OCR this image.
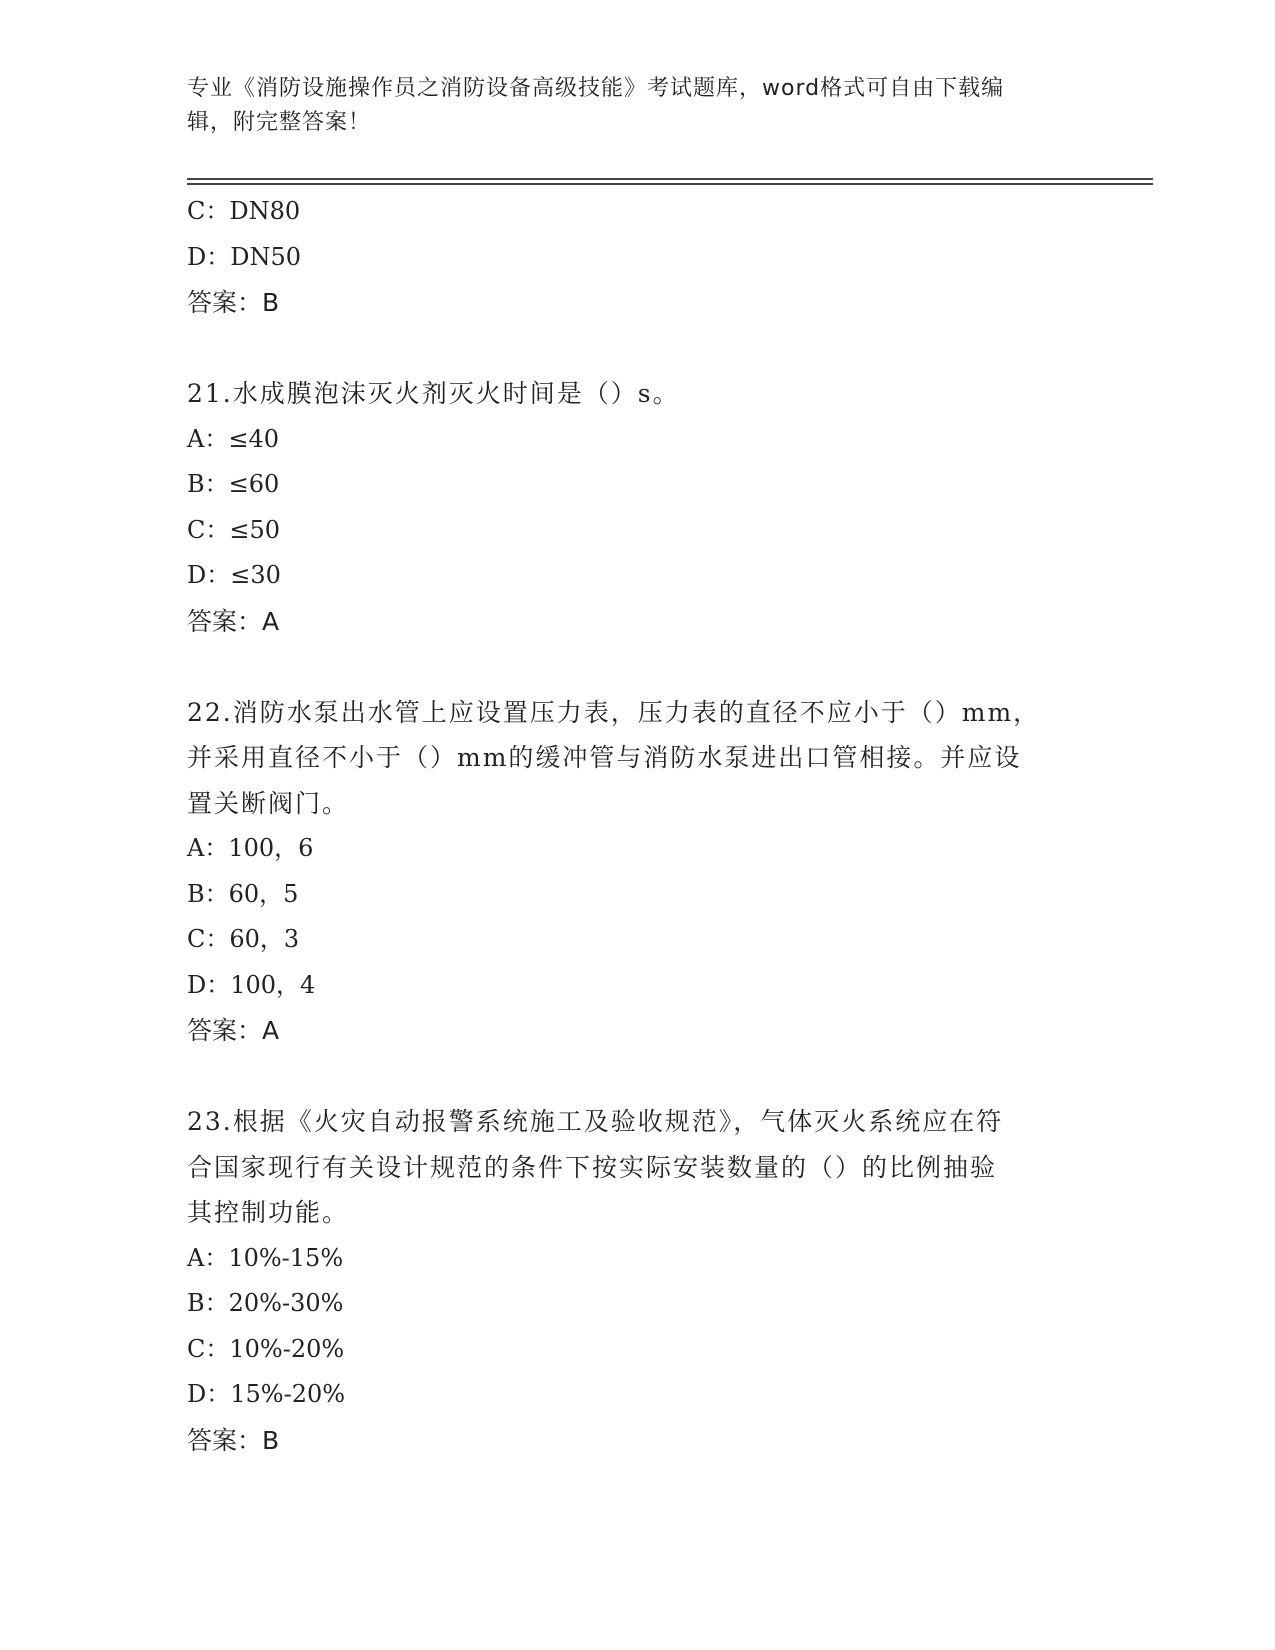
专业《消防设施操作员之消防设备高级技能》考试题库，word格式可自由下载编
辑，附完整答案！
C：DN80
D：DN50
答案：B
21.水成膜泡沫灭火剂灭火时间是（）s。
A：≤40
B：≤60
C：≤50
D：≤30
答案：A
22.消防水泵出水管上应设置压力表，压力表的直径不应小于（）mm，
并采用直径不小于（）mm的缓冲管与消防水泵进出口管相接。并应设
置关断阀门。
A：100，6
B：60，5
C：60，3
D：100，4
答案：A
23.根据《火灾自动报警系统施工及验收规范》，气体灭火系统应在符
合国家现行有关设计规范的条件下按实际安装数量的（）的比例抽验
其控制功能。
A：10%-15%
B：20%-30%
C：10%-20%
D：15%-20%
答案：B
